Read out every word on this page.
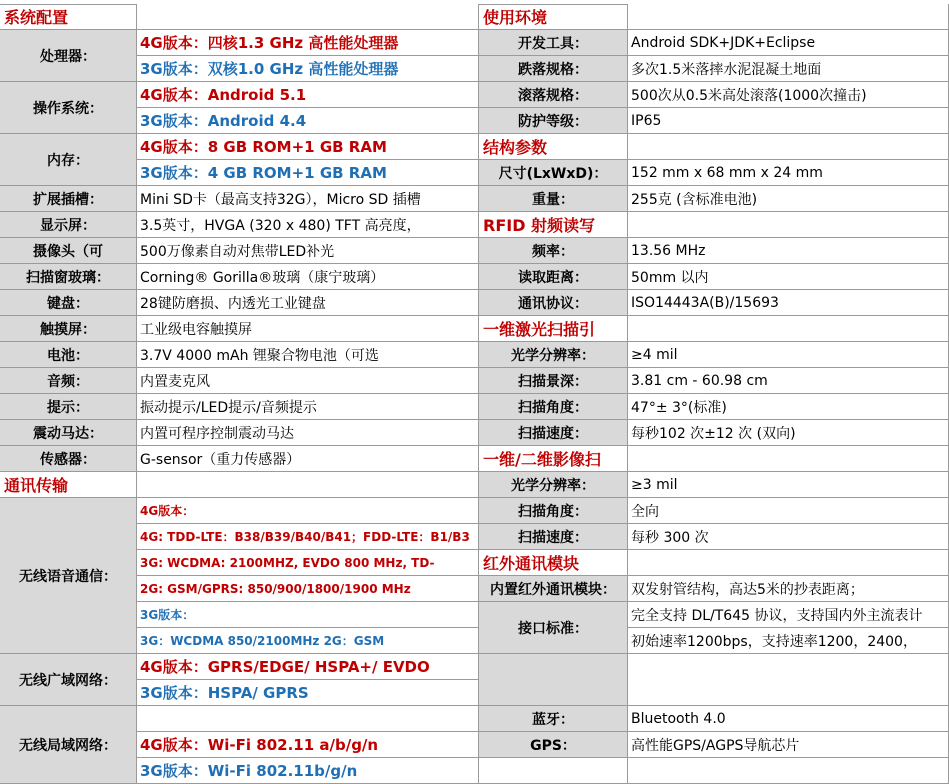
系统配置
处理器：
4G版本：四核1.3 GHz 高性能处理器
3G版本：双核1.0 GHz 高性能处理器
操作系统：
4G版本：Android 5.1
3G版本：Android 4.4
内存：
4G版本：8 GB ROM+1 GB RAM
3G版本：4 GB ROM+1 GB RAM
扩展插槽：	Mini SD卡（最高支持32G），Micro SD 插槽
显示屏：	3.5英寸，HVGA (320 x 480) TFT 高亮度，
摄像头（可	500万像素自动对焦带LED补光
扫描窗玻璃：	Corning® Gorilla®玻璃（康宁玻璃）
键盘：	28键防磨损、内透光工业键盘
触摸屏：	工业级电容触摸屏
电池：	3.7V 4000 mAh 锂聚合物电池（可选
音频：	内置麦克风
提示：	振动提示/LED提示/音频提示
震动马达：	内置可程序控制震动马达
传感器：	G-sensor（重力传感器）
通讯传输
无线语音通信：
4G版本：
4G: TDD-LTE：B38/B39/B40/B41；FDD-LTE：B1/B3
3G: WCDMA: 2100MHZ, EVDO 800 MHz, TD-
2G: GSM/GPRS: 850/900/1800/1900 MHz
3G版本：
3G：WCDMA 850/2100MHz 2G：GSM
无线广域网络：
4G版本：GPRS/EDGE/ HSPA+/ EVDO
3G版本：HSPA/ GPRS
无线局域网络：	4G版本：Wi-Fi 802.11 a/b/g/n
3G版本：Wi-Fi 802.11b/g/n
使用环境
开发工具：	Android SDK+JDK+Eclipse
跌落规格：	多次1.5米落摔水泥混凝土地面
滚落规格：	500次从0.5米高处滚落(1000次撞击)
防护等级：	IP65
结构参数
尺寸(LxWxD)：	152 mm x 68 mm x 24 mm
重量：	255克 (含标准电池)
RFID 射频读写
频率：	13.56 MHz
读取距离：	50mm 以内
通讯协议：	ISO14443A(B)/15693
一维激光扫描引
光学分辨率：	≥4 mil
扫描景深：	3.81 cm - 60.98 cm
扫描角度：	47°± 3°(标准)
扫描速度：	每秒102 次±12 次 (双向)
一维/二维影像扫
光学分辨率：	≥3 mil
扫描角度：	全向
扫描速度：	每秒 300 次
红外通讯模块
内置红外通讯模块：	双发射管结构，高达5米的抄表距离；
接口标准：
完全支持 DL/T645 协议，支持国内外主流表计
初始速率1200bps，支持速率1200，2400，
蓝牙：	Bluetooth 4.0
GPS：	高性能GPS/AGPS导航芯片
